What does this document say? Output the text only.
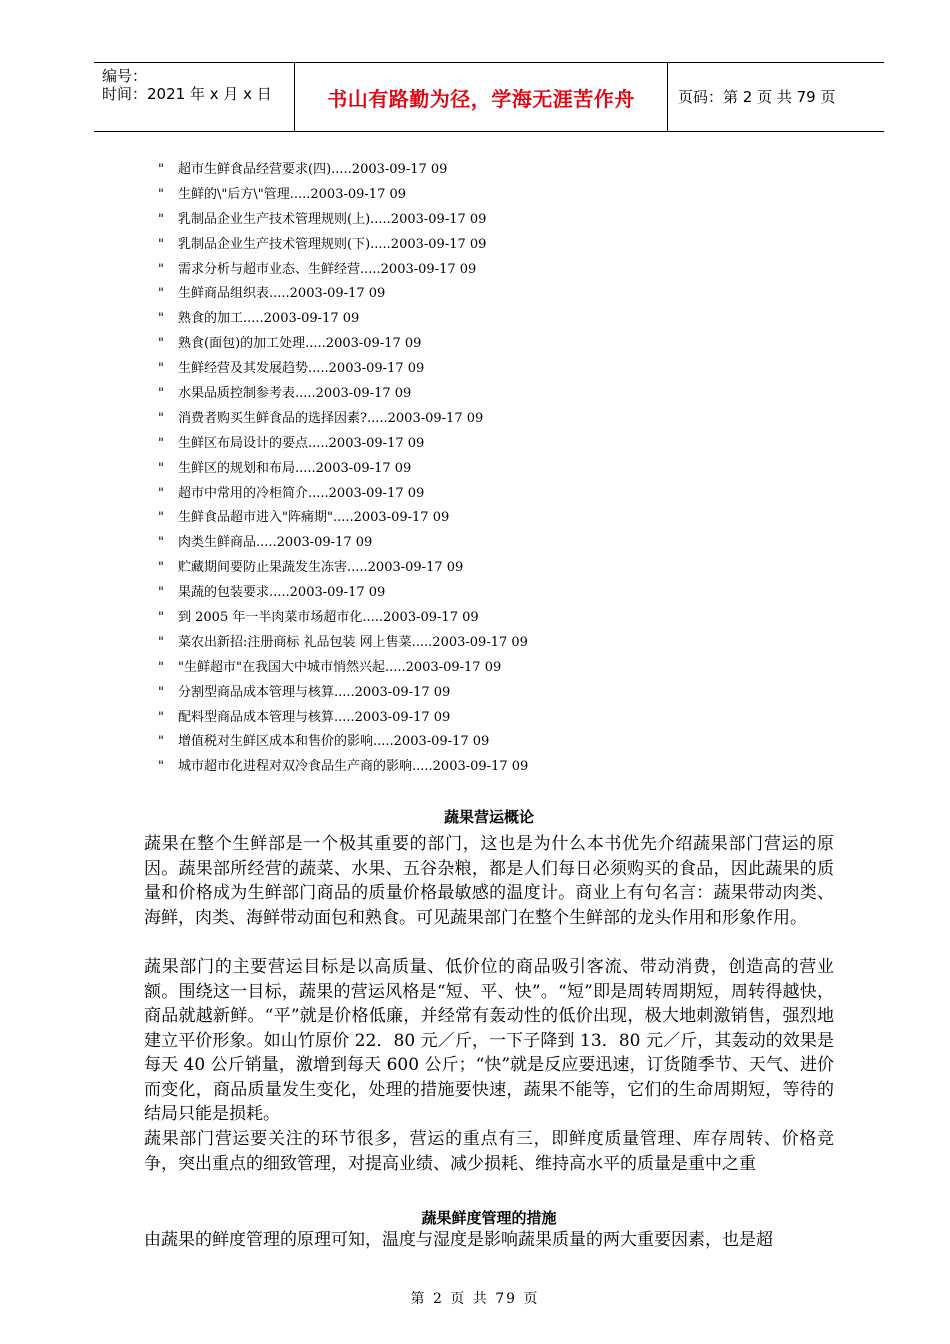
编号：
时间：2021 年 x 月 x 日	书山有路勤为径，学海无涯苦作舟	页码：第 2 页 共 79 页
" 超市生鲜食品经营要求(四).....2003-09-17 09
" 生鲜的\"后方\"管理.....2003-09-17 09
" 乳制品企业生产技术管理规则(上).....2003-09-17 09
" 乳制品企业生产技术管理规则(下).....2003-09-17 09
" 需求分析与超市业态、生鲜经营.....2003-09-17 09
" 生鲜商品组织表.....2003-09-17 09
" 熟食的加工.....2003-09-17 09
" 熟食(面包)的加工处理.....2003-09-17 09
" 生鲜经营及其发展趋势.....2003-09-17 09
" 水果品质控制参考表.....2003-09-17 09
" 消费者购买生鲜食品的选择因素?.....2003-09-17 09
" 生鲜区布局设计的要点.....2003-09-17 09
" 生鲜区的规划和布局.....2003-09-17 09
" 超市中常用的冷柜简介.....2003-09-17 09
" 生鲜食品超市进入"阵痛期".....2003-09-17 09
" 肉类生鲜商品.....2003-09-17 09
" 贮藏期间要防止果蔬发生冻害.....2003-09-17 09
" 果蔬的包装要求.....2003-09-17 09
" 到 2005 年一半肉菜市场超市化.....2003-09-17 09
" 菜农出新招:注册商标 礼品包装 网上售菜.....2003-09-17 09
" "生鲜超市"在我国大中城市悄然兴起.....2003-09-17 09
" 分割型商品成本管理与核算.....2003-09-17 09
" 配料型商品成本管理与核算.....2003-09-17 09
" 增值税对生鲜区成本和售价的影响.....2003-09-17 09
" 城市超市化进程对双冷食品生产商的影响.....2003-09-17 09
蔬果营运概论

蔬果在整个生鲜部是一个极其重要的部门，这也是为什么本书优先介绍蔬果部门营运的原因。蔬果部所经营的蔬菜、水果、五谷杂粮，都是人们每日必须购买的食品，因此蔬果的质量和价格成为生鲜部门商品的质量价格最敏感的温度计。商业上有句名言：蔬果带动肉类、海鲜，肉类、海鲜带动面包和熟食。可见蔬果部门在整个生鲜部的龙头作用和形象作用。

蔬果部门的主要营运目标是以高质量、低价位的商品吸引客流、带动消费，创造高的营业额。围绕这一目标，蔬果的营运风格是“短、平、快”。“短”即是周转周期短，周转得越快，商品就越新鲜。“平”就是价格低廉，并经常有轰动性的低价出现，极大地刺激销售，强烈地建立平价形象。如山竹原价 22．80 元／斤，一下子降到 13．80 元／斤，其轰动的效果是每天 40 公斤销量，激增到每天 600 公斤；“快”就是反应要迅速，订货随季节、天气、进价而变化，商品质量发生变化，处理的措施要快速，蔬果不能等，它们的生命周期短，等待的结局只能是损耗。

蔬果部门营运要关注的环节很多，营运的重点有三，即鲜度质量管理、库存周转、价格竞争，突出重点的细致管理，对提高业绩、减少损耗、维持高水平的质量是重中之重

蔬果鲜度管理的措施

由蔬果的鲜度管理的原理可知，温度与湿度是影响蔬果质量的两大重要因素，也是超

第 2 页 共 79 页
